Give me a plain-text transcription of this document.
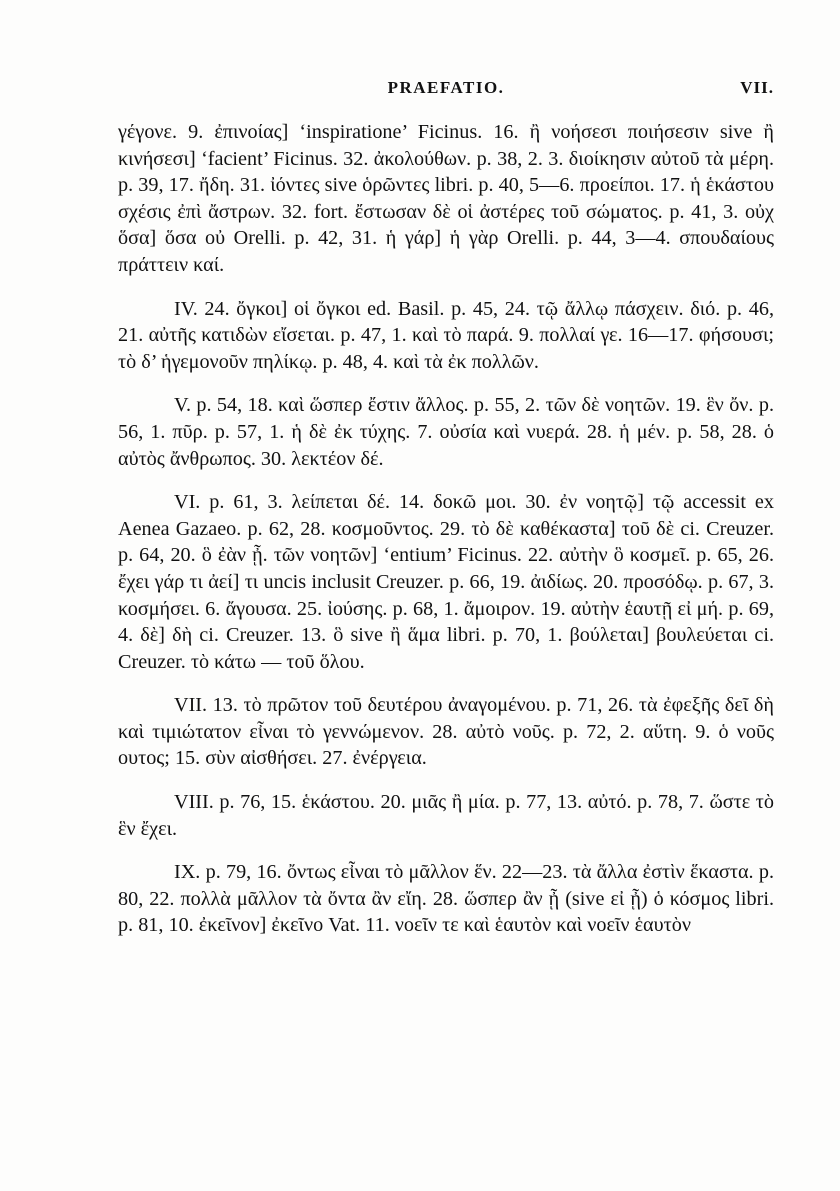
PRAEFATIO.	VII.

γέγονε. 9. ἐπινοίας] ‘inspiratione’ Ficinus. 16. ἢ νοήσεσι ποιήσεσιν sive ἢ κινήσεσι] ‘facient’ Ficinus. 32. ἀκολούθων. p. 38, 2. 3. διοίκησιν αὐτοῦ τὰ μέρη. p. 39, 17. ἤδη. 31. ἰόντες sive ὁρῶντες libri. p. 40, 5—6. προείποι. 17. ἡ ἑκάστου σχέσις ἐπὶ ἄστρων. 32. fort. ἔστωσαν δὲ οἱ ἀστέρες τοῦ σώματος. p. 41, 3. οὐχ ὅσα] ὅσα οὐ Orelli. p. 42, 31. ἡ γάρ] ἡ γὰρ Orelli. p. 44, 3—4. σπουδαίους πράττειν καί.

IV. 24. ὄγκοι] οἱ ὄγκοι ed. Basil. p. 45, 24. τῷ ἄλλῳ πάσχειν. διό. p. 46, 21. αὐτῆς κατιδὼν εἴσεται. p. 47, 1. καὶ τὸ παρά. 9. πολλαί γε. 16—17. φήσουσι; τὸ δ’ ἡγεμονοῦν πηλίκῳ. p. 48, 4. καὶ τὰ ἐκ πολλῶν.

V. p. 54, 18. καὶ ὥσπερ ἔστιν ἄλλος. p. 55, 2. τῶν δὲ νοητῶν. 19. ἓν ὄν. p. 56, 1. πῦρ. p. 57, 1. ἡ δὲ ἐκ τύχης. 7. οὐσία καὶ νυερά. 28. ἡ μέν. p. 58, 28. ὁ αὐτὸς ἄνθρωπος. 30. λεκτέον δέ.

VI. p. 61, 3. λείπεται δέ. 14. δοκῶ μοι. 30. ἐν νοητῷ] τῷ accessit ex Aenea Gazaeo. p. 62, 28. κοσμοῦντος. 29. τὸ δὲ καθέκαστα] τοῦ δὲ ci. Creuzer. p. 64, 20. ὃ ἐὰν ᾖ. τῶν νοητῶν] ‘entium’ Ficinus. 22. αὐτὴν ὃ κοσμεῖ. p. 65, 26. ἔχει γάρ τι ἀεί] τι uncis inclusit Creuzer. p. 66, 19. ἀιδίως. 20. προσόδῳ. p. 67, 3. κοσμήσει. 6. ἄγουσα. 25. ἰούσης. p. 68, 1. ἄμοιρον. 19. αὐτὴν ἑαυτῇ εἰ μή. p. 69, 4. δὲ] δὴ ci. Creuzer. 13. ὃ sive ἢ ἅμα libri. p. 70, 1. βούλεται] βουλεύεται ci. Creuzer. τὸ κάτω — τοῦ ὅλου.

VII. 13. τὸ πρῶτον τοῦ δευτέρου ἀναγομένου. p. 71, 26. τὰ ἐφεξῆς δεῖ δὴ καὶ τιμιώτατον εἶναι τὸ γεννώμενον. 28. αὐτὸ νοῦς. p. 72, 2. αὕτη. 9. ὁ νοῦς ουτος; 15. σὺν αἰσθήσει. 27. ἐνέργεια.

VIII. p. 76, 15. ἑκάστου. 20. μιᾶς ἢ μία. p. 77, 13. αὐτό. p. 78, 7. ὥστε τὸ ἓν ἔχει.

IX. p. 79, 16. ὄντως εἶναι τὸ μᾶλλον ἕν. 22—23. τὰ ἄλλα ἐστὶν ἕκαστα. p. 80, 22. πολλὰ μᾶλλον τὰ ὄντα ἂν εἴη. 28. ὥσπερ ἂν ᾖ (sive εἰ ᾖ) ὁ κόσμος libri. p. 81, 10. ἐκεῖνον] ἐκεῖνο Vat. 11. νοεῖν τε καὶ ἑαυτὸν καὶ νοεῖν ἑαυτὸν
